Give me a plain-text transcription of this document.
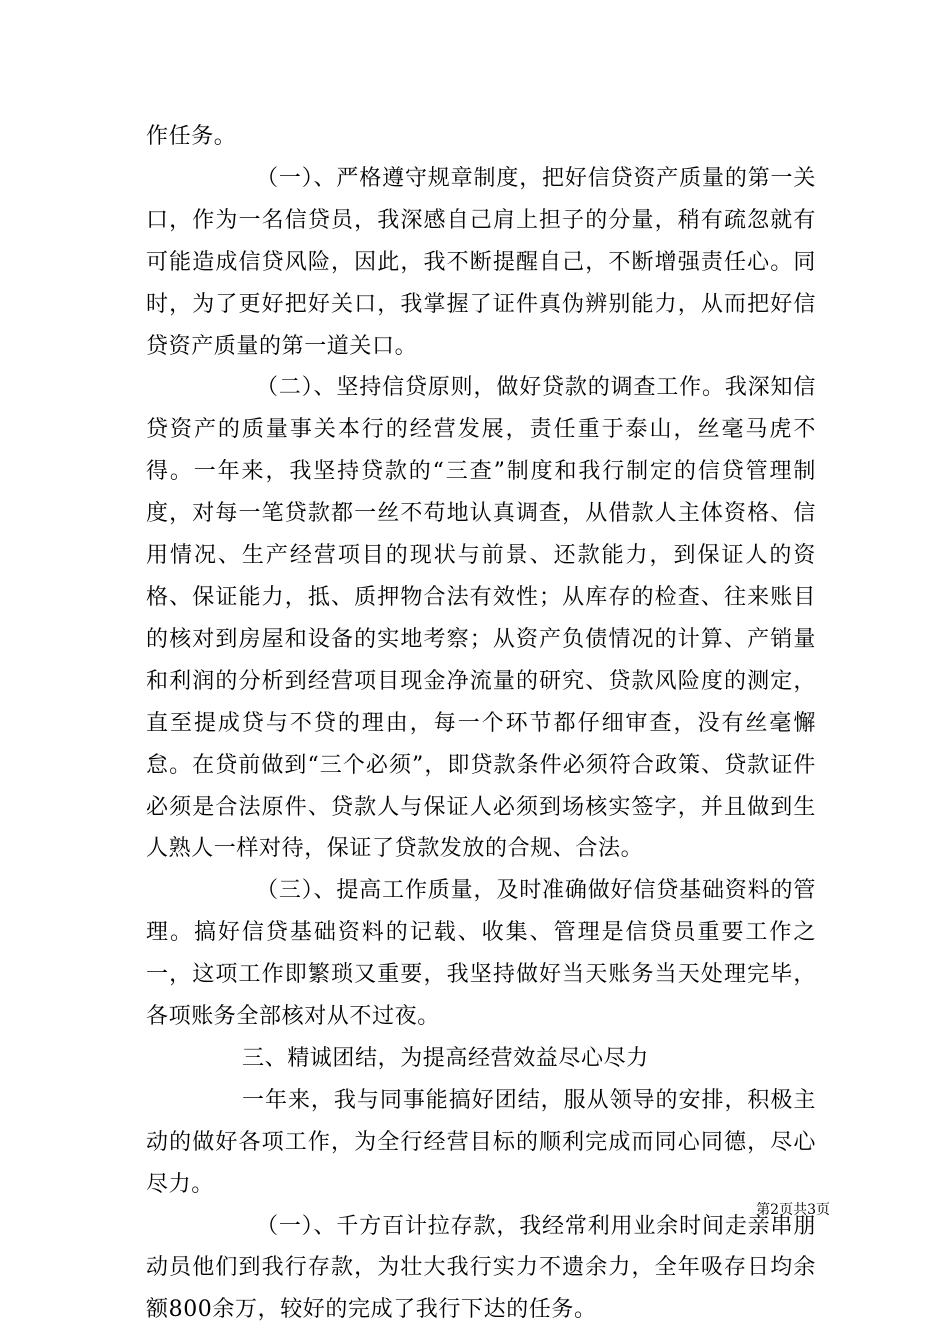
作任务。

（一）、严格遵守规章制度，把好信贷资产质量的第一关口，作为一名信贷员，我深感自己肩上担子的分量，稍有疏忽就有可能造成信贷风险，因此，我不断提醒自己，不断增强责任心。同时，为了更好把好关口，我掌握了证件真伪辨别能力，从而把好信贷资产质量的第一道关口。

（二）、坚持信贷原则，做好贷款的调查工作。我深知信贷资产的质量事关本行的经营发展，责任重于泰山，丝毫马虎不得。一年来，我坚持贷款的“三查”制度和我行制定的信贷管理制度，对每一笔贷款都一丝不苟地认真调查，从借款人主体资格、信用情况、生产经营项目的现状与前景、还款能力，到保证人的资格、保证能力，抵、质押物合法有效性；从库存的检查、往来账目的核对到房屋和设备的实地考察；从资产负债情况的计算、产销量和利润的分析到经营项目现金净流量的研究、贷款风险度的测定，直至提成贷与不贷的理由，每一个环节都仔细审查，没有丝毫懈怠。在贷前做到“三个必须”，即贷款条件必须符合政策、贷款证件必须是合法原件、贷款人与保证人必须到场核实签字，并且做到生人熟人一样对待，保证了贷款发放的合规、合法。

（三）、提高工作质量，及时准确做好信贷基础资料的管理。搞好信贷基础资料的记载、收集、管理是信贷员重要工作之一，这项工作即繁琐又重要，我坚持做好当天账务当天处理完毕，各项账务全部核对从不过夜。

三、精诚团结，为提高经营效益尽心尽力

一年来，我与同事能搞好团结，服从领导的安排，积极主动的做好各项工作，为全行经营目标的顺利完成而同心同德，尽心尽力。

（一）、千方百计拉存款，我经常利用业余时间走亲串朋动员他们到我行存款，为壮大我行实力不遗余力，全年吸存日均余额800余万，较好的完成了我行下达的任务。

第2页共3页
